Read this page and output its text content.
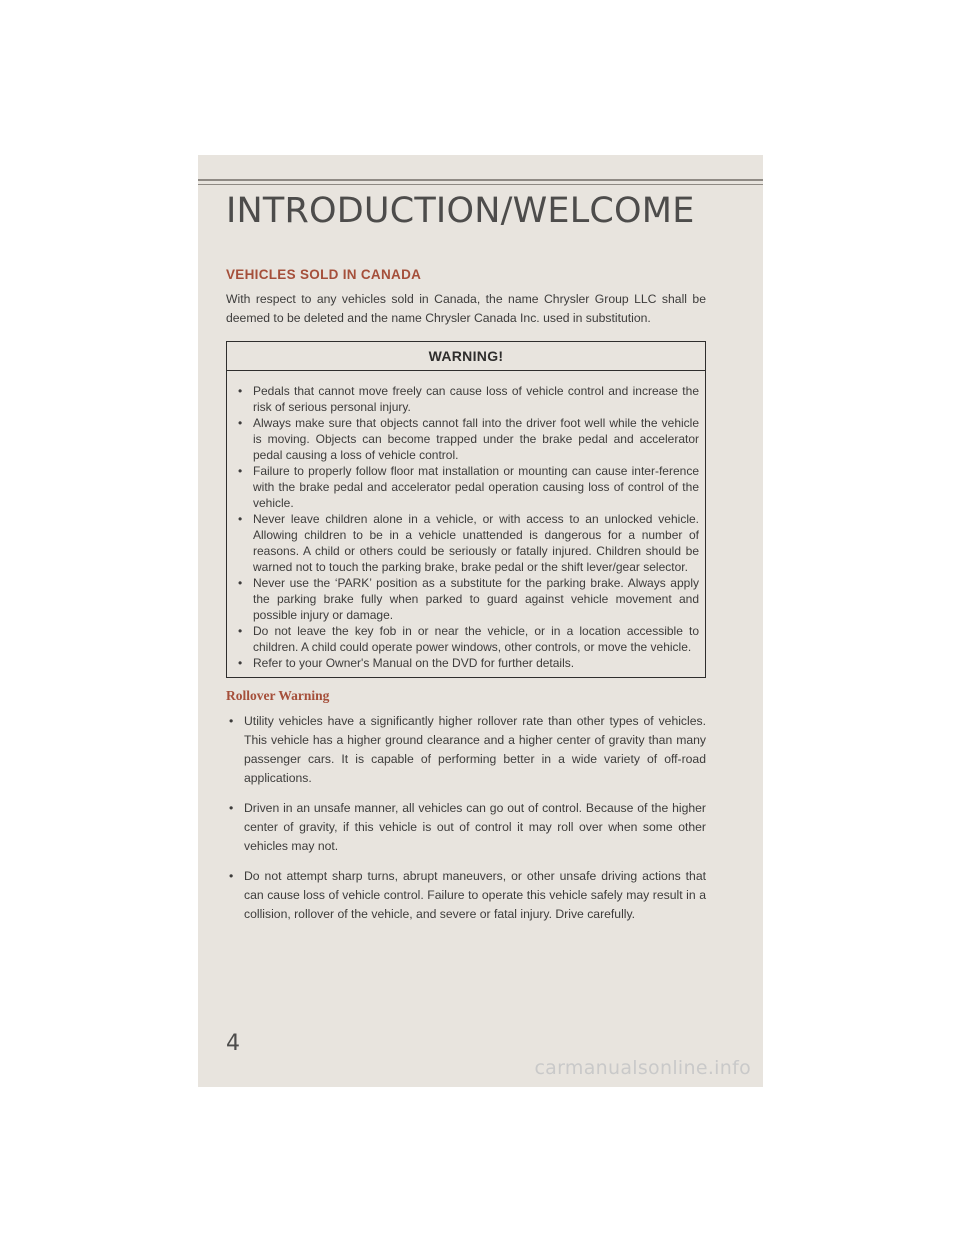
INTRODUCTION/WELCOME
VEHICLES SOLD IN CANADA

With respect to any vehicles sold in Canada, the name Chrysler Group LLC shall be deemed to be deleted and the name Chrysler Canada Inc. used in substitution.

WARNING!
• Pedals that cannot move freely can cause loss of vehicle control and increase the risk of serious personal injury.
• Always make sure that objects cannot fall into the driver foot well while the vehicle is moving. Objects can become trapped under the brake pedal and accelerator pedal causing a loss of vehicle control.
• Failure to properly follow floor mat installation or mounting can cause inter-ference with the brake pedal and accelerator pedal operation causing loss of control of the vehicle.
• Never leave children alone in a vehicle, or with access to an unlocked vehicle. Allowing children to be in a vehicle unattended is dangerous for a number of reasons. A child or others could be seriously or fatally injured. Children should be warned not to touch the parking brake, brake pedal or the shift lever/gear selector.
• Never use the ‘PARK’ position as a substitute for the parking brake. Always apply the parking brake fully when parked to guard against vehicle movement and possible injury or damage.
• Do not leave the key fob in or near the vehicle, or in a location accessible to children. A child could operate power windows, other controls, or move the vehicle.
• Refer to your Owner's Manual on the DVD for further details.
Rollover Warning
• Utility vehicles have a significantly higher rollover rate than other types of vehicles. This vehicle has a higher ground clearance and a higher center of gravity than many passenger cars. It is capable of performing better in a wide variety of off-road applications.
• Driven in an unsafe manner, all vehicles can go out of control. Because of the higher center of gravity, if this vehicle is out of control it may roll over when some other vehicles may not.
• Do not attempt sharp turns, abrupt maneuvers, or other unsafe driving actions that can cause loss of vehicle control. Failure to operate this vehicle safely may result in a collision, rollover of the vehicle, and severe or fatal injury. Drive carefully.
4
carmanualsonline.info
